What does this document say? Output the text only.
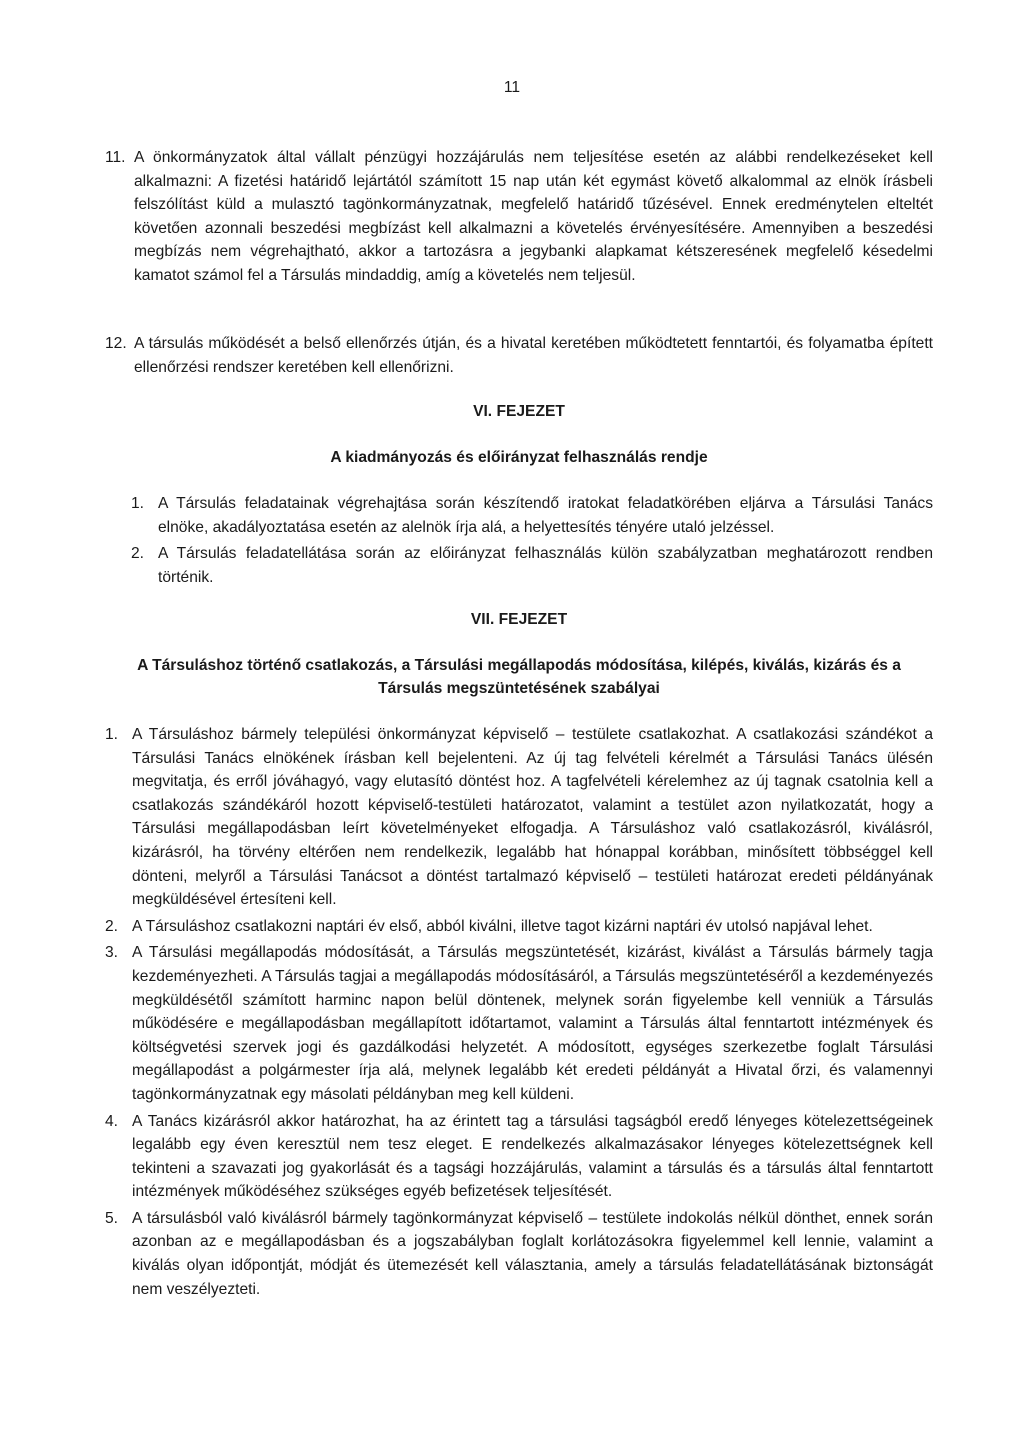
11
11. A önkormányzatok által vállalt pénzügyi hozzájárulás nem teljesítése esetén az alábbi rendelkezéseket kell alkalmazni: A fizetési határidő lejártától számított 15 nap után két egymást követő alkalommal az elnök írásbeli felszólítást küld a mulasztó tagönkormányzatnak, megfelelő határidő tűzésével. Ennek eredménytelen elteltét követően azonnali beszedési megbízást kell alkalmazni a követelés érvényesítésére. Amennyiben a beszedési megbízás nem végrehajtható, akkor a tartozásra a jegybanki alapkamat kétszeresének megfelelő késedelmi kamatot számol fel a Társulás mindaddig, amíg a követelés nem teljesül.
12. A társulás működését a belső ellenőrzés útján, és a hivatal keretében működtetett fenntartói, és folyamatba épített ellenőrzési rendszer keretében kell ellenőrizni.
VI. FEJEZET
A kiadmányozás és előirányzat felhasználás rendje
1. A Társulás feladatainak végrehajtása során készítendő iratokat feladatkörében eljárva a Társulási Tanács elnöke, akadályoztatása esetén az alelnök írja alá, a helyettesítés tényére utaló jelzéssel.
2. A Társulás feladatellátása során az előirányzat felhasználás külön szabályzatban meghatározott rendben történik.
VII. FEJEZET
A Társuláshoz történő csatlakozás, a Társulási megállapodás módosítása, kilépés, kiválás, kizárás és a
Társulás megszüntetésének szabályai
1. A Társuláshoz bármely települési önkormányzat képviselő – testülete csatlakozhat. A csatlakozási szándékot a Társulási Tanács elnökének írásban kell bejelenteni. Az új tag felvételi kérelmét a Társulási Tanács ülésén megvitatja, és erről jóváhagyó, vagy elutasító döntést hoz. A tagfelvételi kérelemhez az új tagnak csatolnia kell a csatlakozás szándékáról hozott képviselő-testületi határozatot, valamint a testület azon nyilatkozatát, hogy a Társulási megállapodásban leírt követelményeket elfogadja. A Társuláshoz való csatlakozásról, kiválásról, kizárásról, ha törvény eltérően nem rendelkezik, legalább hat hónappal korábban, minősített többséggel kell dönteni, melyről a Társulási Tanácsot a döntést tartalmazó képviselő – testületi határozat eredeti példányának megküldésével értesíteni kell.
2. A Társuláshoz csatlakozni naptári év első, abból kiválni, illetve tagot kizárni naptári év utolsó napjával lehet.
3. A Társulási megállapodás módosítását, a Társulás megszüntetését, kizárást, kiválást a Társulás bármely tagja kezdeményezheti. A Társulás tagjai a megállapodás módosításáról, a Társulás megszüntetéséről a kezdeményezés megküldésétől számított harminc napon belül döntenek, melynek során figyelembe kell venniük a Társulás működésére e megállapodásban megállapított időtartamot, valamint a Társulás által fenntartott intézmények és költségvetési szervek jogi és gazdálkodási helyzetét. A módosított, egységes szerkezetbe foglalt Társulási megállapodást a polgármester írja alá, melynek legalább két eredeti példányát a Hivatal őrzi, és valamennyi tagönkormányzatnak egy másolati példányban meg kell küldeni.
4. A Tanács kizárásról akkor határozhat, ha az érintett tag a társulási tagságból eredő lényeges kötelezettségeinek legalább egy éven keresztül nem tesz eleget. E rendelkezés alkalmazásakor lényeges kötelezettségnek kell tekinteni a szavazati jog gyakorlását és a tagsági hozzájárulás, valamint a társulás és a társulás által fenntartott intézmények működéséhez szükséges egyéb befizetések teljesítését.
5. A társulásból való kiválásról bármely tagönkormányzat képviselő – testülete indokolás nélkül dönthet, ennek során azonban az e megállapodásban és a jogszabályban foglalt korlátozásokra figyelemmel kell lennie, valamint a kiválás olyan időpontját, módját és ütemezését kell választania, amely a társulás feladatellátásának biztonságát nem veszélyezteti.
